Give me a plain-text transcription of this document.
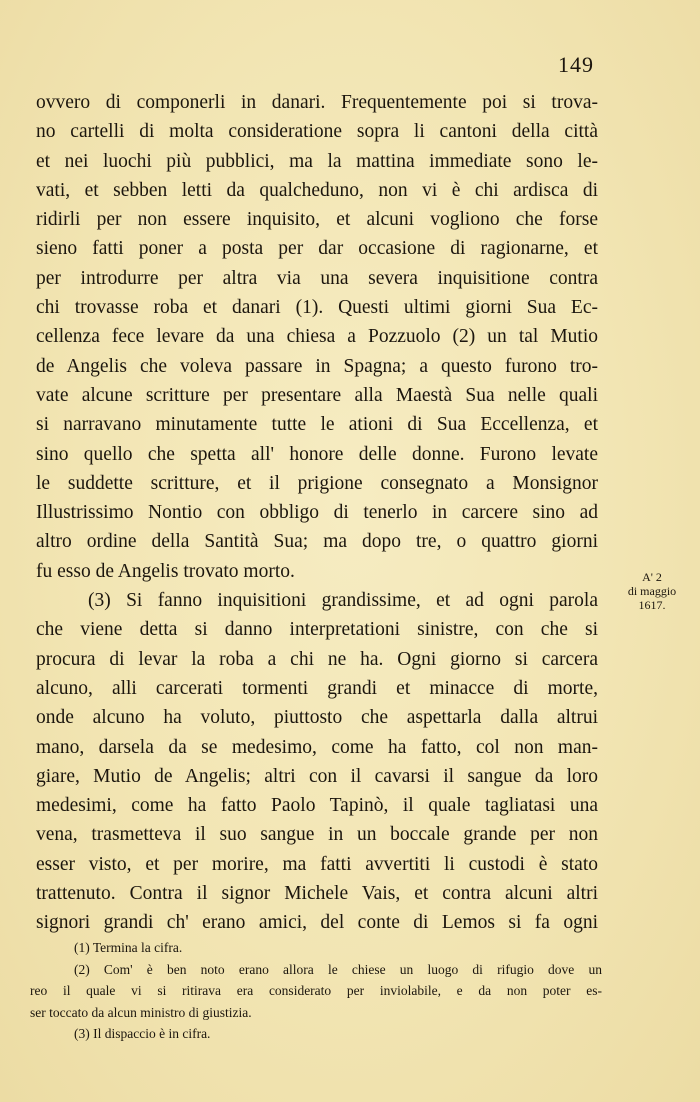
149
ovvero di componerli in danari. Frequentemente poi si trova-
no cartelli di molta consideratione sopra li cantoni della città
et nei luochi più pubblici, ma la mattina immediate sono le-
vati, et sebben letti da qualcheduno, non vi è chi ardisca di
ridirli per non essere inquisito, et alcuni vogliono che forse
sieno fatti poner a posta per dar occasione di ragionarne, et
per introdurre per altra via una severa inquisitione contra
chi trovasse roba et danari (1). Questi ultimi giorni Sua Ec-
cellenza fece levare da una chiesa a Pozzuolo (2) un tal Mutio
de Angelis che voleva passare in Spagna; a questo furono tro-
vate alcune scritture per presentare alla Maestà Sua nelle quali
si narravano minutamente tutte le ationi di Sua Eccellenza, et
sino quello che spetta all' honore delle donne. Furono levate
le suddette scritture, et il prigione consegnato a Monsignor
Illustrissimo Nontio con obbligo di tenerlo in carcere sino ad
altro ordine della Santità Sua; ma dopo tre, o quattro giorni
fu esso de Angelis trovato morto.
(3) Si fanno inquisitioni grandissime, et ad ogni parola
che viene detta si danno interpretationi sinistre, con che si
procura di levar la roba a chi ne ha. Ogni giorno si carcera
alcuno, alli carcerati tormenti grandi et minacce di morte,
onde alcuno ha voluto, piuttosto che aspettarla dalla altrui
mano, darsela da se medesimo, come ha fatto, col non man-
giare, Mutio de Angelis; altri con il cavarsi il sangue da loro
medesimi, come ha fatto Paolo Tapinò, il quale tagliatasi una
vena, trasmetteva il suo sangue in un boccale grande per non
esser visto, et per morire, ma fatti avvertiti li custodi è stato
trattenuto. Contra il signor Michele Vais, et contra alcuni altri
signori grandi ch' erano amici, del conte di Lemos si fa ogni
A' 2
di maggio
1617.
(1) Termina la cifra.
(2) Com' è ben noto erano allora le chiese un luogo di rifugio dove un
reo il quale vi si ritirava era considerato per inviolabile, e da non poter es-
ser toccato da alcun ministro di giustizia.
(3) Il dispaccio è in cifra.
